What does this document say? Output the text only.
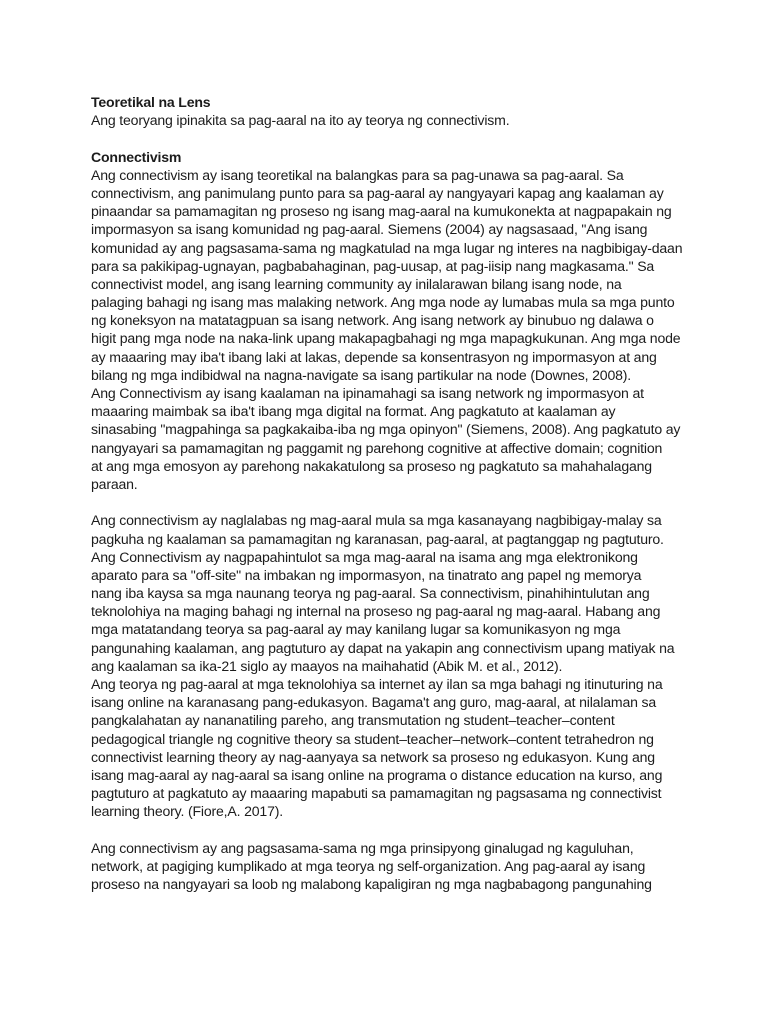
Teoretikal na Lens
Ang teoryang ipinakita sa pag-aaral na ito ay teorya ng connectivism.
Connectivism
Ang connectivism ay isang teoretikal na balangkas para sa pag-unawa sa pag-aaral. Sa
connectivism, ang panimulang punto para sa pag-aaral ay nangyayari kapag ang kaalaman ay
pinaandar sa pamamagitan ng proseso ng isang mag-aaral na kumukonekta at nagpapakain ng
impormasyon sa isang komunidad ng pag-aaral. Siemens (2004) ay nagsasaad, "Ang isang
komunidad ay ang pagsasama-sama ng magkatulad na mga lugar ng interes na nagbibigay-daan
para sa pakikipag-ugnayan, pagbabahaginan, pag-uusap, at pag-iisip nang magkasama." Sa
connectivist model, ang isang learning community ay inilalarawan bilang isang node, na
palaging bahagi ng isang mas malaking network. Ang mga node ay lumabas mula sa mga punto
ng koneksyon na matatagpuan sa isang network. Ang isang network ay binubuo ng dalawa o
higit pang mga node na naka-link upang makapagbahagi ng mga mapagkukunan. Ang mga node
ay maaaring may iba't ibang laki at lakas, depende sa konsentrasyon ng impormasyon at ang
bilang ng mga indibidwal na nagna-navigate sa isang partikular na node (Downes, 2008).
Ang Connectivism ay isang kaalaman na ipinamahagi sa isang network ng impormasyon at
maaaring maimbak sa iba't ibang mga digital na format. Ang pagkatuto at kaalaman ay
sinasabing "magpahinga sa pagkakaiba-iba ng mga opinyon" (Siemens, 2008). Ang pagkatuto ay
nangyayari sa pamamagitan ng paggamit ng parehong cognitive at affective domain; cognition
at ang mga emosyon ay parehong nakakatulong sa proseso ng pagkatuto sa mahahalagang
paraan.
Ang connectivism ay naglalabas ng mag-aaral mula sa mga kasanayang nagbibigay-malay sa
pagkuha ng kaalaman sa pamamagitan ng karanasan, pag-aaral, at pagtanggap ng pagtuturo.
Ang Connectivism ay nagpapahintulot sa mga mag-aaral na isama ang mga elektronikong
aparato para sa "off-site" na imbakan ng impormasyon, na tinatrato ang papel ng memorya
nang iba kaysa sa mga naunang teorya ng pag-aaral. Sa connectivism, pinahihintulutan ang
teknolohiya na maging bahagi ng internal na proseso ng pag-aaral ng mag-aaral. Habang ang
mga matatandang teorya sa pag-aaral ay may kanilang lugar sa komunikasyon ng mga
pangunahing kaalaman, ang pagtuturo ay dapat na yakapin ang connectivism upang matiyak na
ang kaalaman sa ika-21 siglo ay maayos na maihahatid (Abik M. et al., 2012).
Ang teorya ng pag-aaral at mga teknolohiya sa internet ay ilan sa mga bahagi ng itinuturing na
isang online na karanasang pang-edukasyon. Bagama't ang guro, mag-aaral, at nilalaman sa
pangkalahatan ay nananatiling pareho, ang transmutation ng student–teacher–content
pedagogical triangle ng cognitive theory sa student–teacher–network–content tetrahedron ng
connectivist learning theory ay nag-aanyaya sa network sa proseso ng edukasyon. Kung ang
isang mag-aaral ay nag-aaral sa isang online na programa o distance education na kurso, ang
pagtuturo at pagkatuto ay maaaring mapabuti sa pamamagitan ng pagsasama ng connectivist
learning theory. (Fiore,A. 2017).
Ang connectivism ay ang pagsasama-sama ng mga prinsipyong ginalugad ng kaguluhan,
network, at pagiging kumplikado at mga teorya ng self-organization. Ang pag-aaral ay isang
proseso na nangyayari sa loob ng malabong kapaligiran ng mga nagbabagong pangunahing
